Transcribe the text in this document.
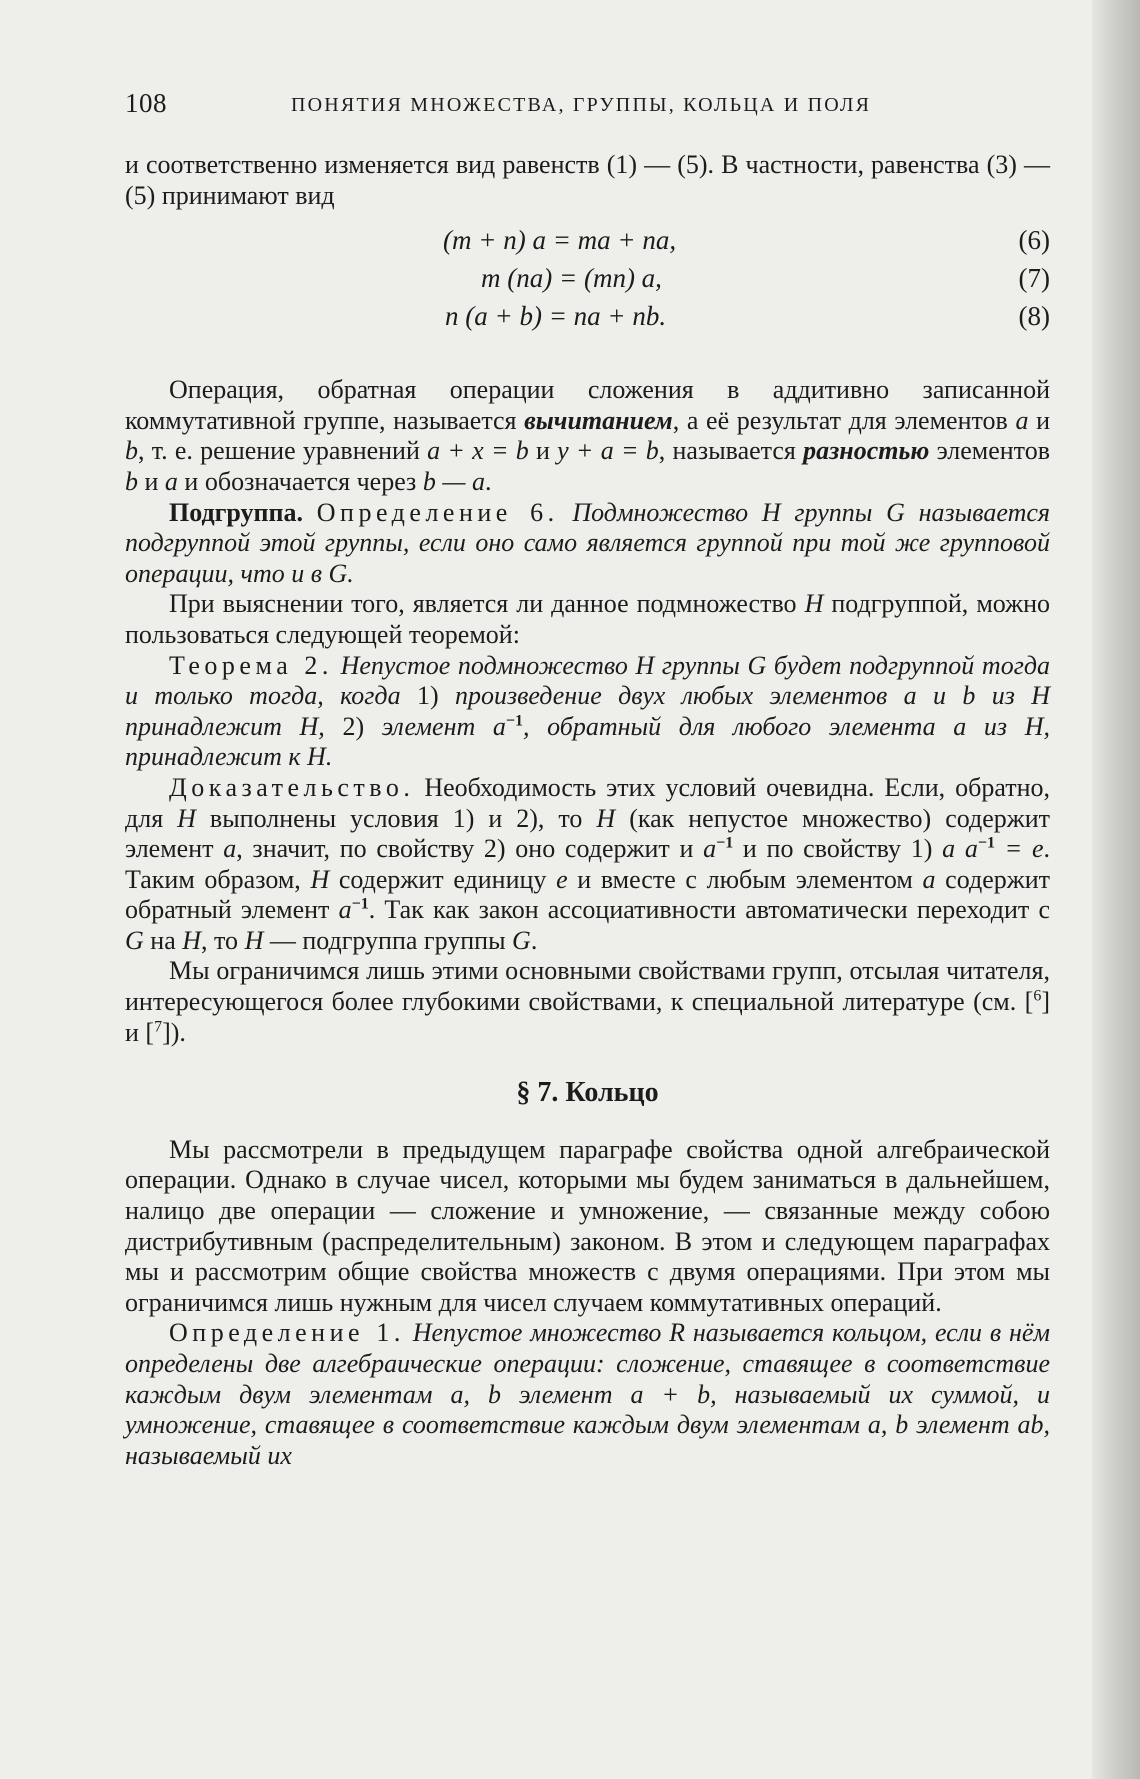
108	ПОНЯТИЯ МНОЖЕСТВА, ГРУППЫ, КОЛЬЦА И ПОЛЯ

и соответственно изменяется вид равенств (1) — (5). В частности, равенства (3) — (5) принимают вид

(m + n) a = ma + na,	(6)
m (na) = (mn) a,	(7)
n (a + b) = na + nb.	(8)

Операция, обратная операции сложения в аддитивно записанной коммутативной группе, называется вычитанием, а её результат для элементов a и b, т. е. решение уравнений a + x = b и y + a = b, называется разностью элементов b и a и обозначается через b — a.

Подгруппа. Определение 6. Подмножество H группы G называется подгруппой этой группы, если оно само является группой при той же групповой операции, что и в G.

При выяснении того, является ли данное подмножество H подгруппой, можно пользоваться следующей теоремой:

Теорема 2. Непустое подмножество H группы G будет подгруппой тогда и только тогда, когда 1) произведение двух любых элементов a и b из H принадлежит H, 2) элемент $a^{-1}$, обратный для любого элемента a из H, принадлежит к H.

Доказательство. Необходимость этих условий очевидна. Если, обратно, для H выполнены условия 1) и 2), то H (как непустое множество) содержит элемент a, значит, по свойству 2) оно содержит и $a^{-1}$ и по свойству 1) a $a^{-1} = e$. Таким образом, H содержит единицу e и вместе с любым элементом a содержит обратный элемент $a^{-1}$. Так как закон ассоциативности автоматически переходит с G на H, то H — подгруппа группы G.

Мы ограничимся лишь этими основными свойствами групп, отсылая читателя, интересующегося более глубокими свойствами, к специальной литературе (см. [$^6$] и [$^7$]).

§ 7. Кольцо

Мы рассмотрели в предыдущем параграфе свойства одной алгебраической операции. Однако в случае чисел, которыми мы будем заниматься в дальнейшем, налицо две операции — сложение и умножение, — связанные между собою дистрибутивным (распределительным) законом. В этом и следующем параграфах мы и рассмотрим общие свойства множеств с двумя операциями. При этом мы ограничимся лишь нужным для чисел случаем коммутативных операций.

Определение 1. Непустое множество R называется кольцом, если в нём определены две алгебраические операции: сложение, ставящее в соответствие каждым двум элементам a, b элемент a + b, называемый их суммой, и умножение, ставящее в соответствие каждым двум элементам a, b элемент ab, называемый их
